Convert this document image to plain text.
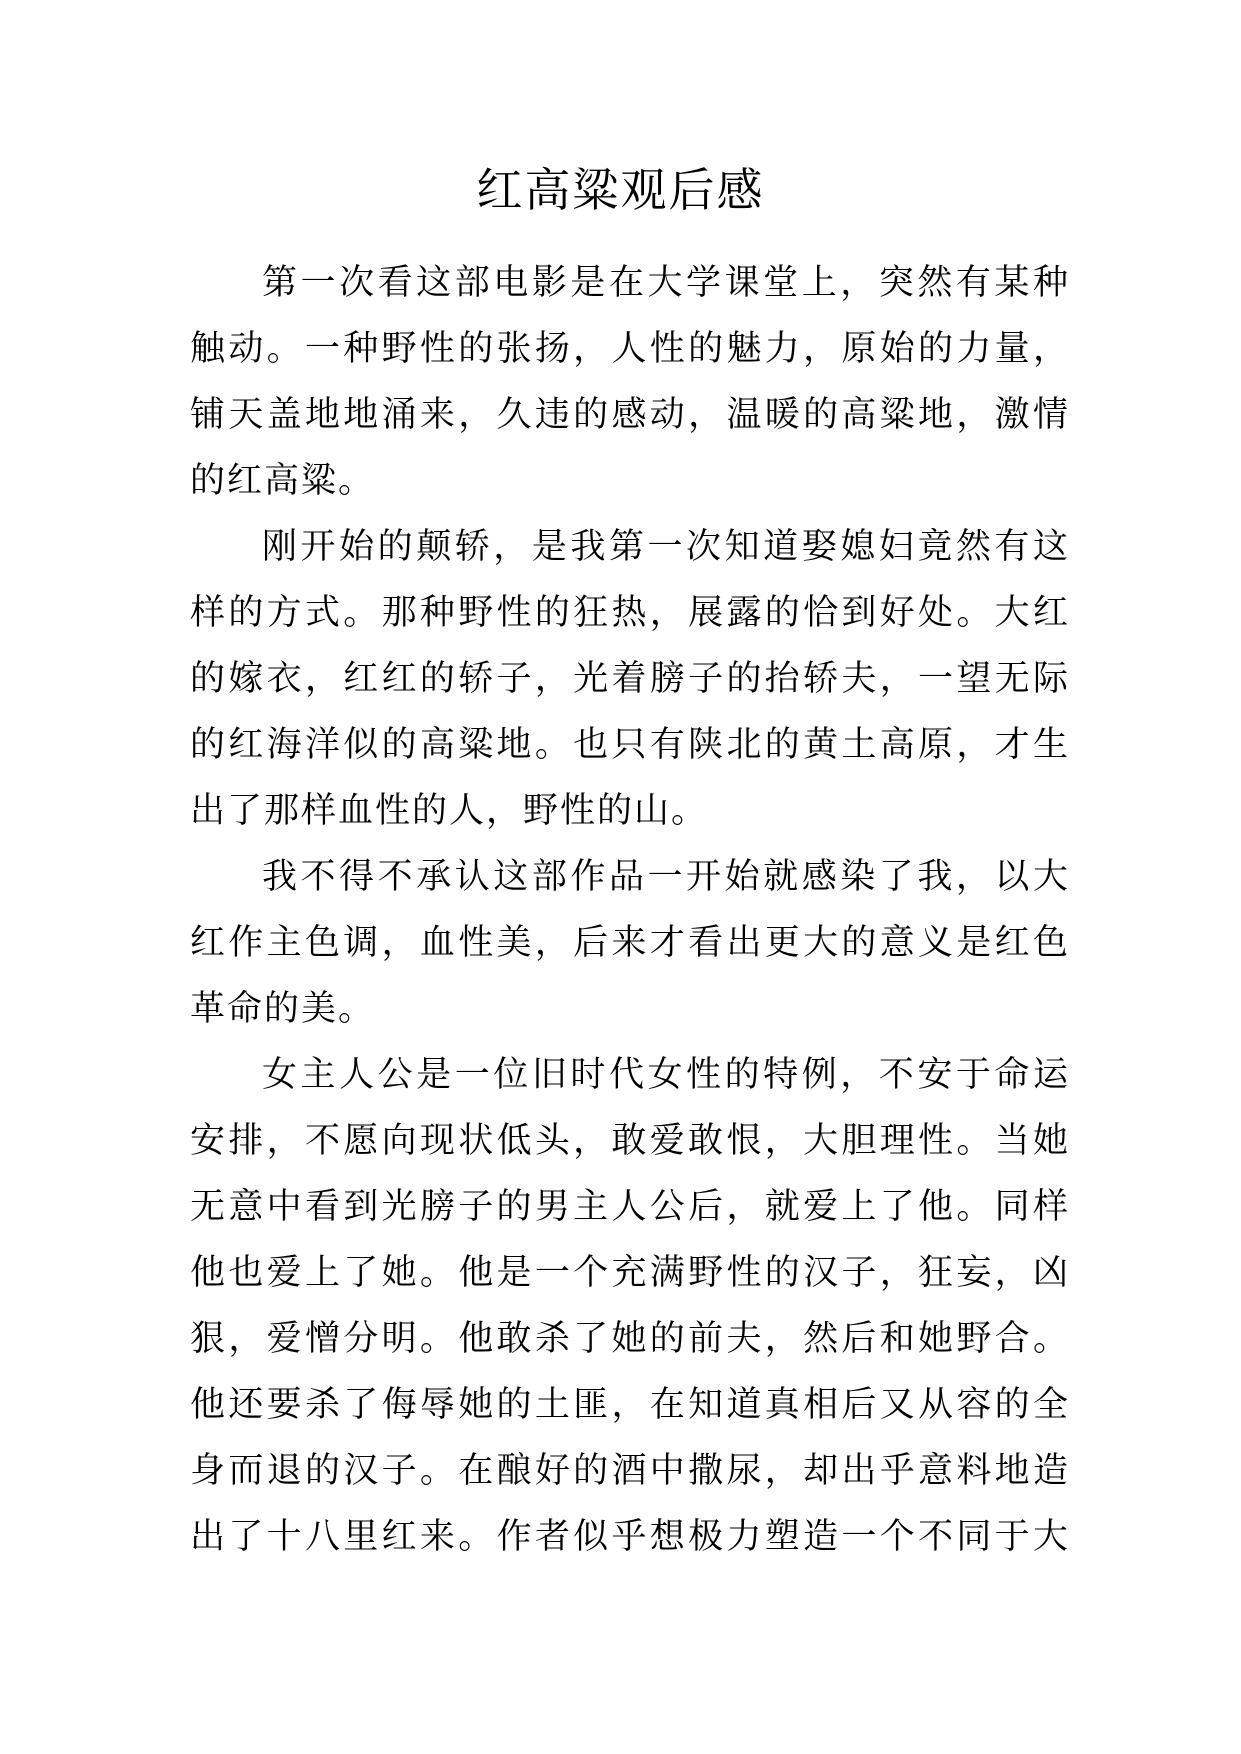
红高粱观后感
第一次看这部电影是在大学课堂上，突然有某种
触动。一种野性的张扬，人性的魅力，原始的力量，
铺天盖地地涌来，久违的感动，温暖的高粱地，激情
的红高粱。
刚开始的颠轿，是我第一次知道娶媳妇竟然有这
样的方式。那种野性的狂热，展露的恰到好处。大红
的嫁衣，红红的轿子，光着膀子的抬轿夫，一望无际
的红海洋似的高粱地。也只有陕北的黄土高原，才生
出了那样血性的人，野性的山。
我不得不承认这部作品一开始就感染了我，以大
红作主色调，血性美，后来才看出更大的意义是红色
革命的美。
女主人公是一位旧时代女性的特例，不安于命运
安排，不愿向现状低头，敢爱敢恨，大胆理性。当她
无意中看到光膀子的男主人公后，就爱上了他。同样
他也爱上了她。他是一个充满野性的汉子，狂妄，凶
狠，爱憎分明。他敢杀了她的前夫，然后和她野合。
他还要杀了侮辱她的土匪，在知道真相后又从容的全
身而退的汉子。在酿好的酒中撒尿，却出乎意料地造
出了十八里红来。作者似乎想极力塑造一个不同于大
